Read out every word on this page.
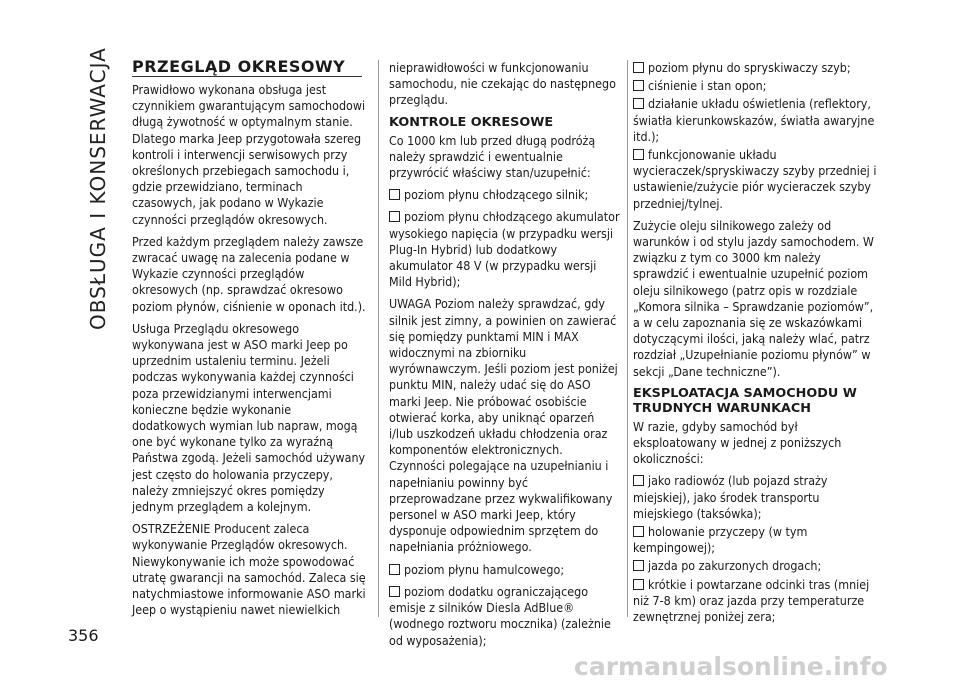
OBSŁUGA I KONSERWACJA
356
PRZEGLĄD OKRESOWY

Prawidłowo wykonana obsługa jest czynnikiem gwarantującym samochodowi długą żywotność w optymalnym stanie. Dlatego marka Jeep przygotowała szereg kontroli i interwencji serwisowych przy określonych przebiegach samochodu i, gdzie przewidziano, terminach czasowych, jak podano w Wykazie czynności przeglądów okresowych.

Przed każdym przeglądem należy zawsze zwracać uwagę na zalecenia podane w Wykazie czynności przeglądów okresowych (np. sprawdzać okresowo poziom płynów, ciśnienie w oponach itd.).

Usługa Przeglądu okresowego wykonywana jest w ASO marki Jeep po uprzednim ustaleniu terminu. Jeżeli podczas wykonywania każdej czynności poza przewidzianymi interwencjami konieczne będzie wykonanie dodatkowych wymian lub napraw, mogą one być wykonane tylko za wyraźną Państwa zgodą. Jeżeli samochód używany jest często do holowania przyczepy, należy zmniejszyć okres pomiędzy jednym przeglądem a kolejnym.

OSTRZEŻENIE Producent zaleca wykonywanie Przeglądów okresowych. Niewykonywanie ich może spowodować utratę gwarancji na samochód. Zaleca się natychmiastowe informowanie ASO marki Jeep o wystąpieniu nawet niewielkich

nieprawidłowości w funkcjonowaniu samochodu, nie czekając do następnego przeglądu.

KONTROLE OKRESOWE

Co 1000 km lub przed długą podróżą należy sprawdzić i ewentualnie przywrócić właściwy stan/uzupełnić:

poziom płynu chłodzącego silnik;

poziom płynu chłodzącego akumulator wysokiego napięcia (w przypadku wersji Plug-In Hybrid) lub dodatkowy akumulator 48 V (w przypadku wersji Mild Hybrid);

UWAGA Poziom należy sprawdzać, gdy silnik jest zimny, a powinien on zawierać się pomiędzy punktami MIN i MAX widocznymi na zbiorniku wyrównawczym. Jeśli poziom jest poniżej punktu MIN, należy udać się do ASO marki Jeep. Nie próbować osobiście otwierać korka, aby uniknąć oparzeń i/lub uszkodzeń układu chłodzenia oraz komponentów elektronicznych. Czynności polegające na uzupełnianiu i napełnianiu powinny być przeprowadzane przez wykwalifikowany personel w ASO marki Jeep, który dysponuje odpowiednim sprzętem do napełniania próżniowego.

poziom płynu hamulcowego;

poziom dodatku ograniczającego emisje z silników Diesla AdBlue® (wodnego roztworu mocznika) (zależnie od wyposażenia);

poziom płynu do spryskiwaczy szyb;

ciśnienie i stan opon;

działanie układu oświetlenia (reflektory, światła kierunkowskazów, światła awaryjne itd.);

funkcjonowanie układu wycieraczek/spryskiwaczy szyby przedniej i ustawienie/zużycie piór wycieraczek szyby przedniej/tylnej.

Zużycie oleju silnikowego zależy od warunków i od stylu jazdy samochodem. W związku z tym co 3000 km należy sprawdzić i ewentualnie uzupełnić poziom oleju silnikowego (patrz opis w rozdziale „Komora silnika – Sprawdzanie poziomów”, a w celu zapoznania się ze wskazówkami dotyczącymi ilości, jaką należy wlać, patrz rozdział „Uzupełnianie poziomu płynów” w sekcji „Dane techniczne”).

EKSPLOATACJA SAMOCHODU W TRUDNYCH WARUNKACH

W razie, gdyby samochód był eksploatowany w jednej z poniższych okoliczności:

jako radiowóz (lub pojazd straży miejskiej), jako środek transportu miejskiego (taksówka);

holowanie przyczepy (w tym kempingowej);

jazda po zakurzonych drogach;

krótkie i powtarzane odcinki tras (mniej niż 7-8 km) oraz jazda przy temperaturze zewnętrznej poniżej zera;

carmanualsonline.info
